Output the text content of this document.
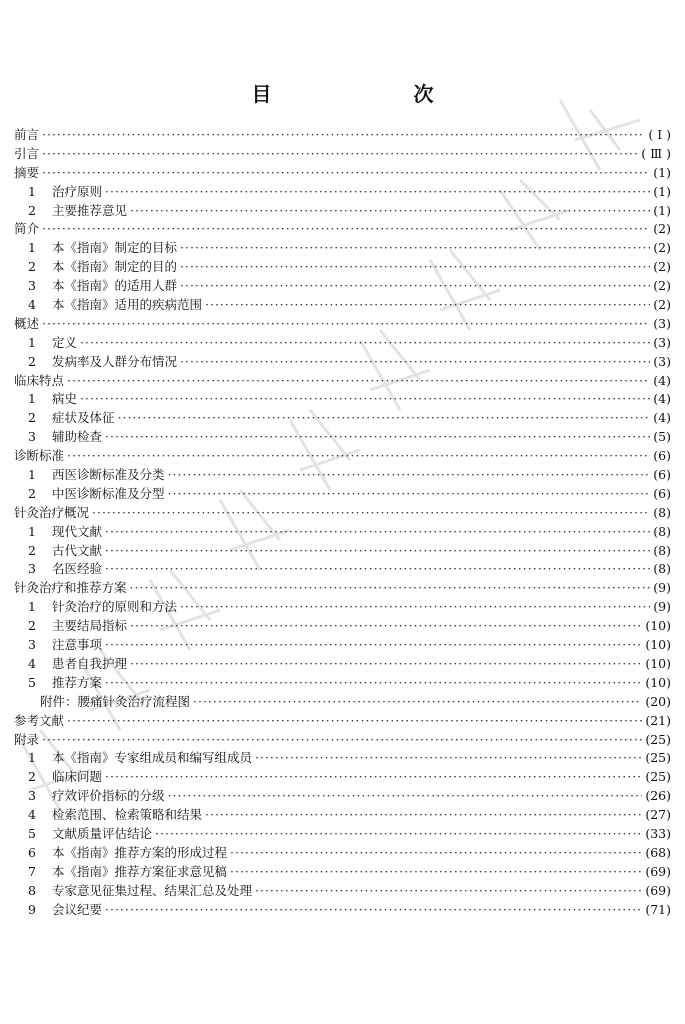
目　　次
前言 ·····	( Ⅰ )
引言 ·····	( Ⅲ )
摘要 ·····	(1)
1	治疗原则 ·····	(1)
2	主要推荐意见 ·····	(1)
简介 ·····	(2)
1	本《指南》制定的目标 ·····	(2)
2	本《指南》制定的目的 ·····	(2)
3	本《指南》的适用人群 ·····	(2)
4	本《指南》适用的疾病范围 ·····	(2)
概述 ·····	(3)
1	定义 ·····	(3)
2	发病率及人群分布情况 ·····	(3)
临床特点 ·····	(4)
1	病史 ·····	(4)
2	症状及体征 ·····	(4)
3	辅助检查 ·····	(5)
诊断标准 ·····	(6)
1	西医诊断标准及分类 ·····	(6)
2	中医诊断标准及分型 ·····	(6)
针灸治疗概况 ·····	(8)
1	现代文献 ·····	(8)
2	古代文献 ·····	(8)
3	名医经验 ·····	(8)
针灸治疗和推荐方案 ·····	(9)
1	针灸治疗的原则和方法 ·····	(9)
2	主要结局指标 ·····	(10)
3	注意事项 ·····	(10)
4	患者自我护理 ·····	(10)
5	推荐方案 ·····	(10)
附件：腰痛针灸治疗流程图 ·····	(20)
参考文献 ·····	(21)
附录 ·····	(25)
1	本《指南》专家组成员和编写组成员 ·····	(25)
2	临床问题 ·····	(25)
3	疗效评价指标的分级 ·····	(26)
4	检索范围、检索策略和结果 ·····	(27)
5	文献质量评估结论 ·····	(33)
6	本《指南》推荐方案的形成过程 ·····	(68)
7	本《指南》推荐方案征求意见稿 ·····	(69)
8	专家意见征集过程、结果汇总及处理 ·····	(69)
9	会议纪要 ·····	(71)
